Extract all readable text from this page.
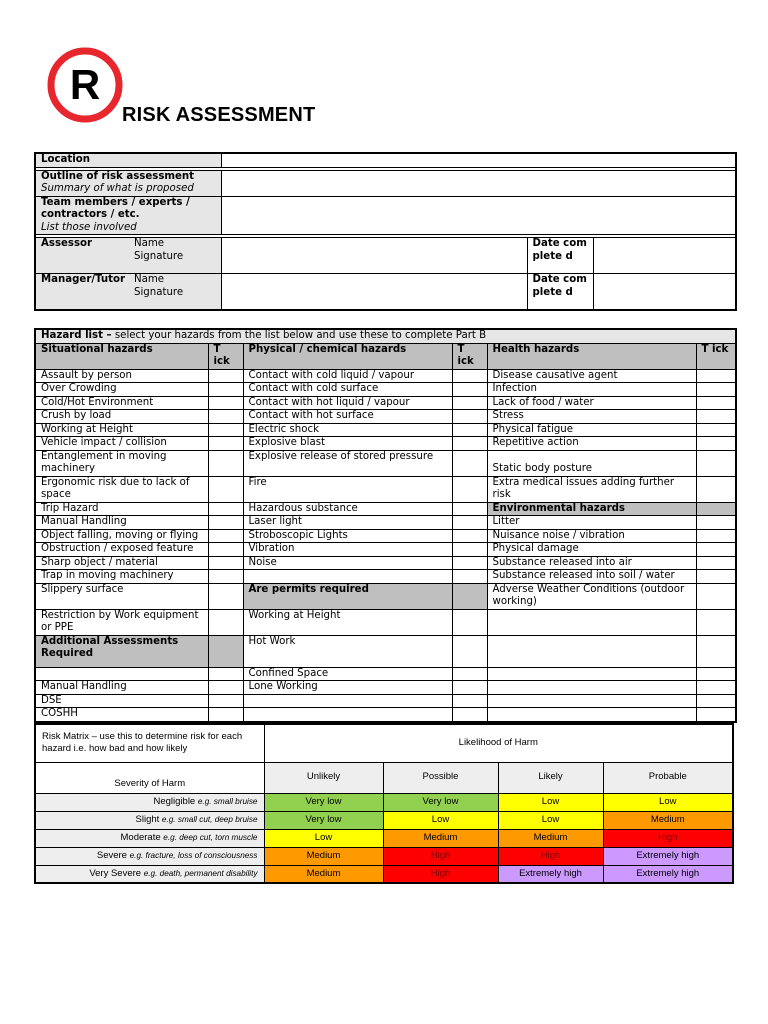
R
RISK ASSESSMENT
Location			

Outline of risk assessment
Summary of what is proposed			
Team members / experts / contractors / etc.
List those involved			

Assessor Name
Signature		Date complete d	

Manager/Tutor Name
Signature		Date complete d	
Hazard list – select your hazards from the list below and use these to complete Part B					
Situational hazards	T ick	Physical / chemical hazards	T ick	Health hazards	T ick
Assault by person		Contact with cold liquid / vapour		Disease causative agent	
Over Crowding		Contact with cold surface		Infection	
Cold/Hot Environment		Contact with hot liquid / vapour		Lack of food / water	
Crush by load		Contact with hot surface		Stress	
Working at Height		Electric shock		Physical fatigue	
Vehicle impact / collision		Explosive blast		Repetitive action	
Entanglement in moving machinery		Explosive release of stored pressure		Static body posture	
Ergonomic risk due to lack of space		Fire		Extra medical issues adding further risk	
Trip Hazard		Hazardous substance		Environmental hazards	
Manual Handling		Laser light		Litter	
Object falling, moving or flying		Stroboscopic Lights		Nuisance noise / vibration	
Obstruction / exposed feature		Vibration		Physical damage	
Sharp object / material		Noise		Substance released into air	
Trap in moving machinery				Substance released into soil / water	
Slippery surface		Are permits required		Adverse Weather Conditions (outdoor working)	
Restriction by Work equipment or PPE		Working at Height			
Additional Assessments Required		Hot Work			
		Confined Space			
Manual Handling		Lone Working			
DSE					
COSHH					
Risk Matrix – use this to determine risk for each hazard i.e. how bad and how likely	Likelihood of Harm			
Severity of Harm	Unlikely	Possible	Likely	Probable
Negligible e.g. small bruise	Very low	Very low	Low	Low
Slight e.g. small cut, deep bruise	Very low	Low	Low	Medium
Moderate e.g. deep cut, torn muscle	Low	Medium	Medium	High
Severe e.g. fracture, loss of consciousness	Medium	High	High	Extremely high
Very Severe e.g. death, permanent disability	Medium	High	Extremely high	Extremely high
